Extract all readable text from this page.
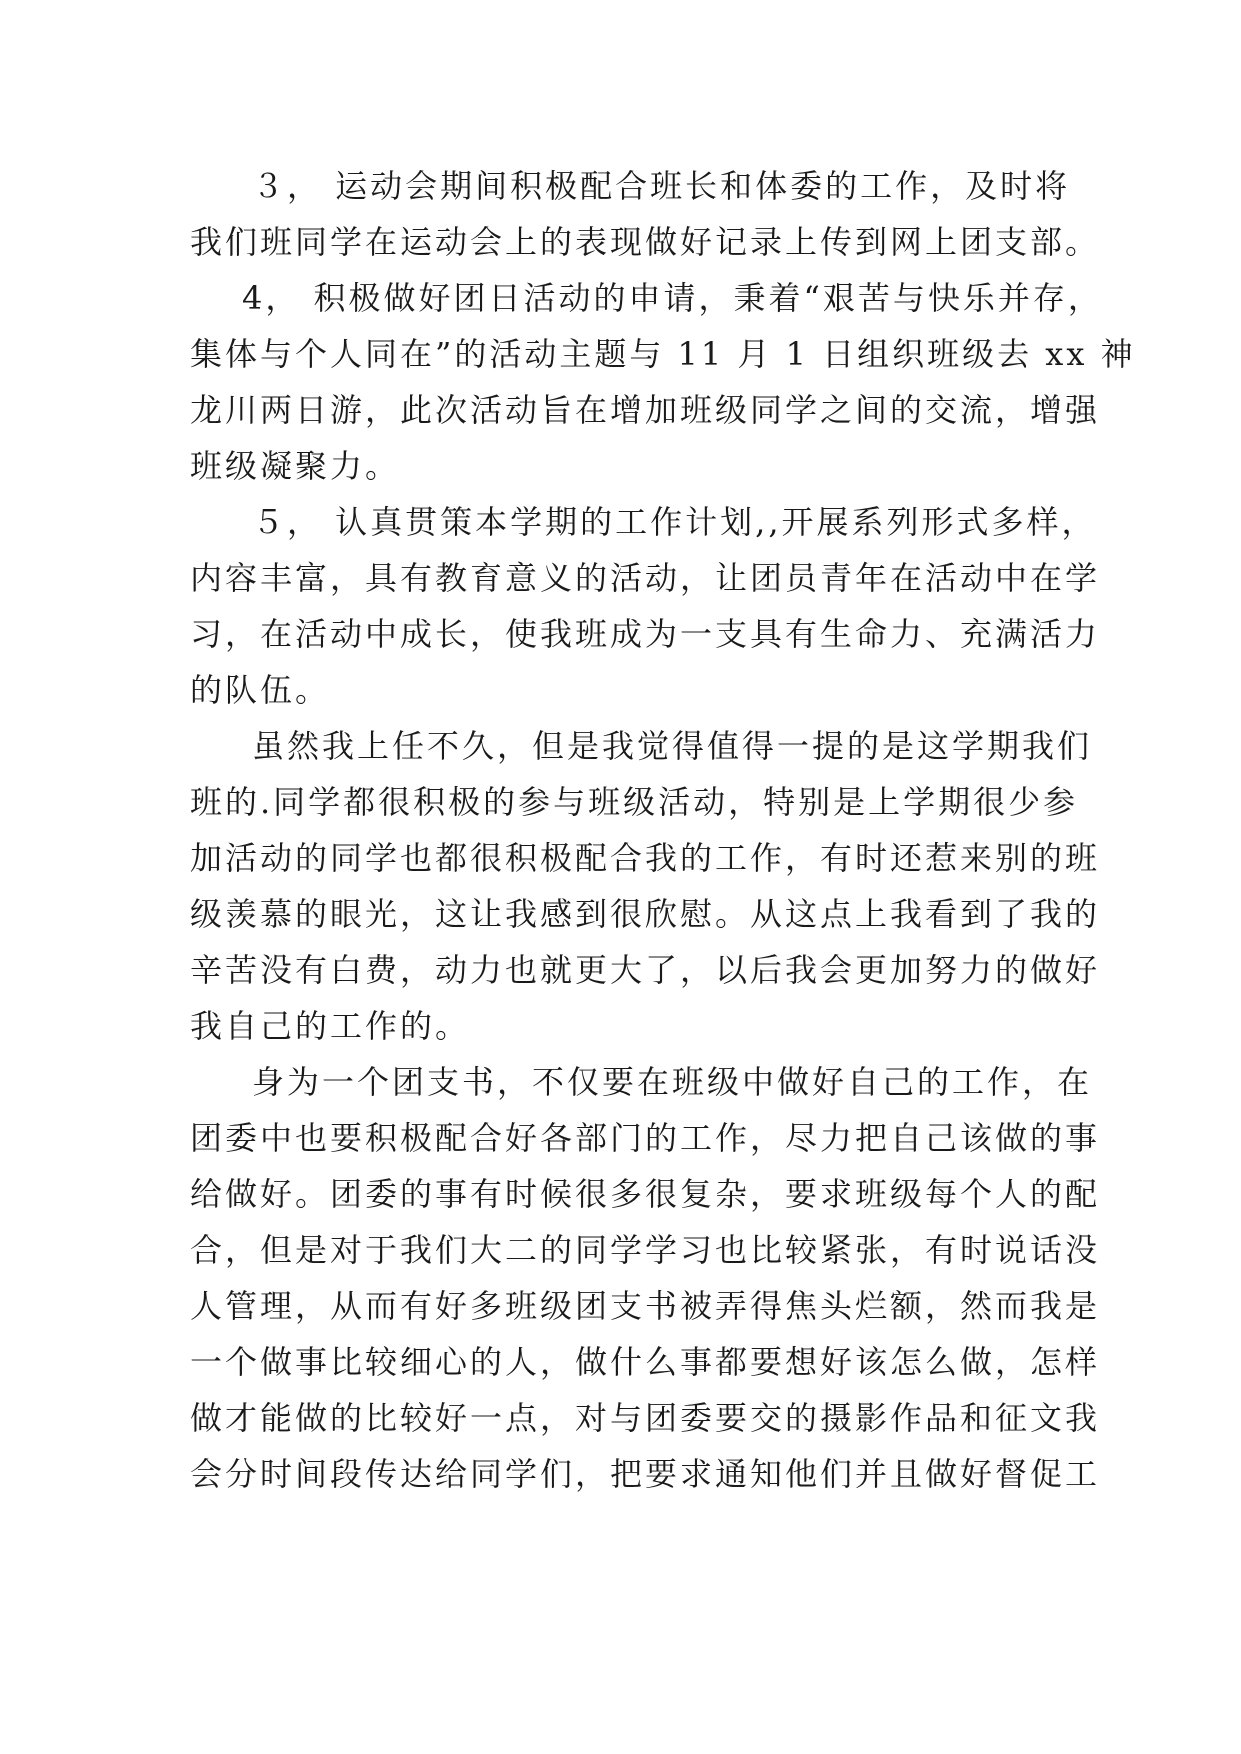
３， 运动会期间积极配合班长和体委的工作，及时将
我们班同学在运动会上的表现做好记录上传到网上团支部。
4， 积极做好团日活动的申请，秉着“艰苦与快乐并存，
集体与个人同在”的活动主题与 11 月 1 日组织班级去 xx 神
龙川两日游，此次活动旨在增加班级同学之间的交流，增强
班级凝聚力。
５， 认真贯策本学期的工作计划,,开展系列形式多样，
内容丰富，具有教育意义的活动，让团员青年在活动中在学
习，在活动中成长，使我班成为一支具有生命力、充满活力
的队伍。
虽然我上任不久，但是我觉得值得一提的是这学期我们
班的.同学都很积极的参与班级活动，特别是上学期很少参
加活动的同学也都很积极配合我的工作，有时还惹来别的班
级羡慕的眼光，这让我感到很欣慰。从这点上我看到了我的
辛苦没有白费，动力也就更大了，以后我会更加努力的做好
我自己的工作的。
身为一个团支书，不仅要在班级中做好自己的工作，在
团委中也要积极配合好各部门的工作，尽力把自己该做的事
给做好。团委的事有时候很多很复杂，要求班级每个人的配
合，但是对于我们大二的同学学习也比较紧张，有时说话没
人管理，从而有好多班级团支书被弄得焦头烂额，然而我是
一个做事比较细心的人，做什么事都要想好该怎么做，怎样
做才能做的比较好一点，对与团委要交的摄影作品和征文我
会分时间段传达给同学们，把要求通知他们并且做好督促工
